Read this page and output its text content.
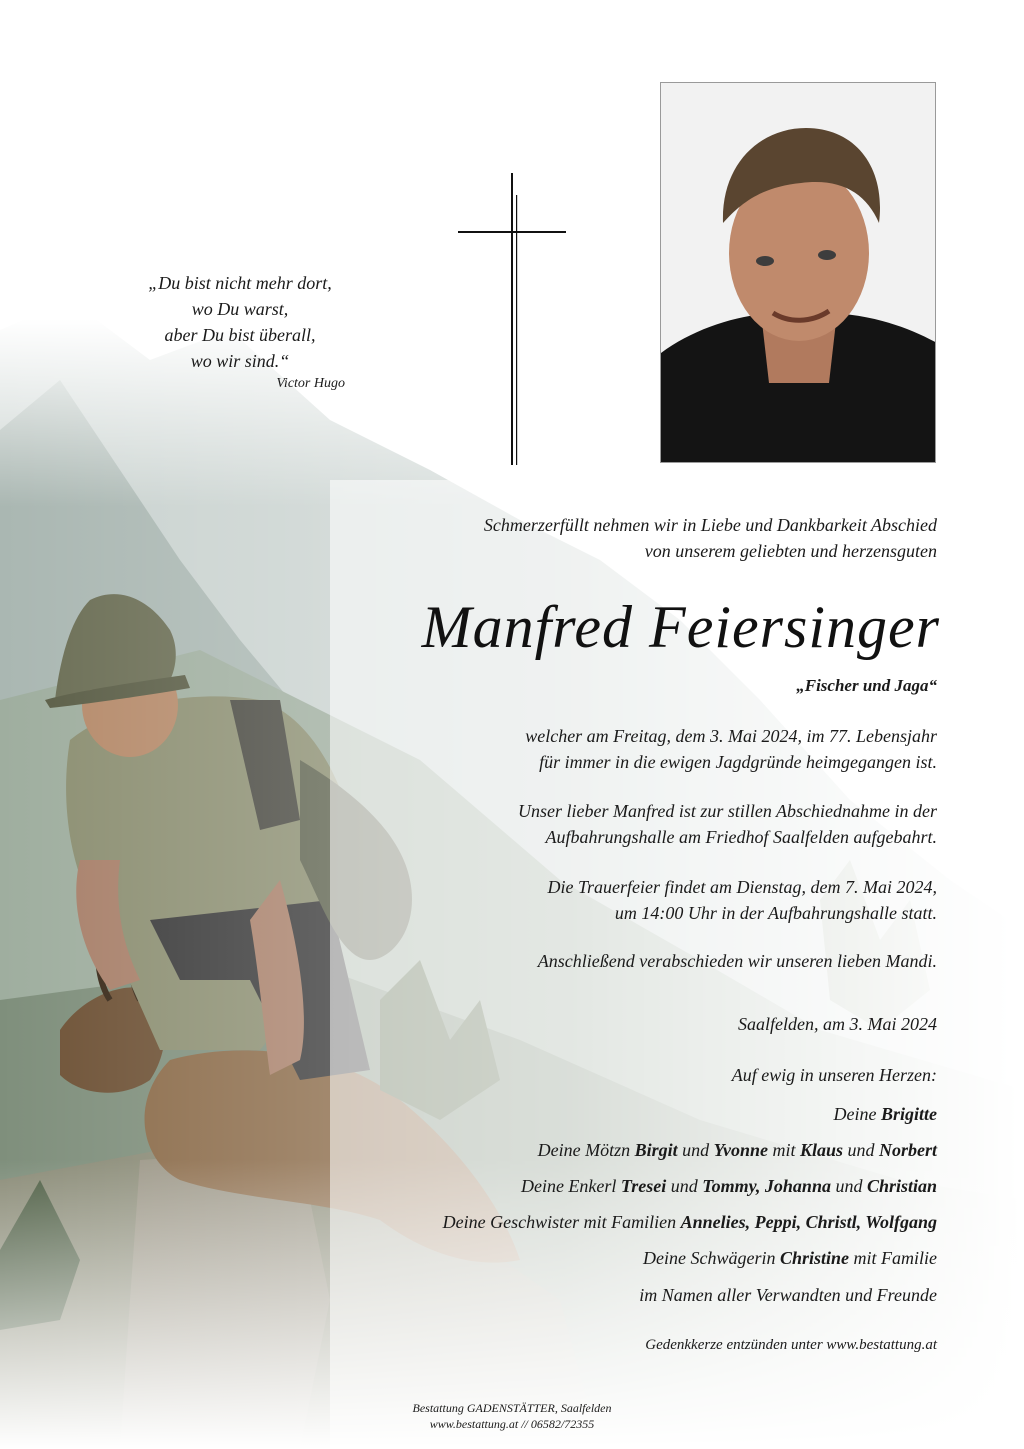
„Du bist nicht mehr dort,
wo Du warst,
aber Du bist überall,
wo wir sind.“
Victor Hugo
Schmerzerfüllt nehmen wir in Liebe und Dankbarkeit Abschied
von unserem geliebten und herzensguten
Manfred Feiersinger
„Fischer und Jaga“
welcher am Freitag, dem 3. Mai 2024, im 77. Lebensjahr
für immer in die ewigen Jagdgründe heimgegangen ist.
Unser lieber Manfred ist zur stillen Abschiednahme in der
Aufbahrungshalle am Friedhof Saalfelden aufgebahrt.
Die Trauerfeier findet am Dienstag, dem 7. Mai 2024,
um 14:00 Uhr in der Aufbahrungshalle statt.
Anschließend verabschieden wir unseren lieben Mandi.
Saalfelden, am 3. Mai 2024
Auf ewig in unseren Herzen:
Deine Brigitte
Deine Mötzn Birgit und Yvonne mit Klaus und Norbert
Deine Enkerl Tresei und Tommy, Johanna und Christian
Deine Geschwister mit Familien Annelies, Peppi, Christl, Wolfgang
Deine Schwägerin Christine mit Familie
im Namen aller Verwandten und Freunde
Gedenkkerze entzünden unter www.bestattung.at
Bestattung GADENSTÄTTER, Saalfelden
www.bestattung.at // 06582/72355
